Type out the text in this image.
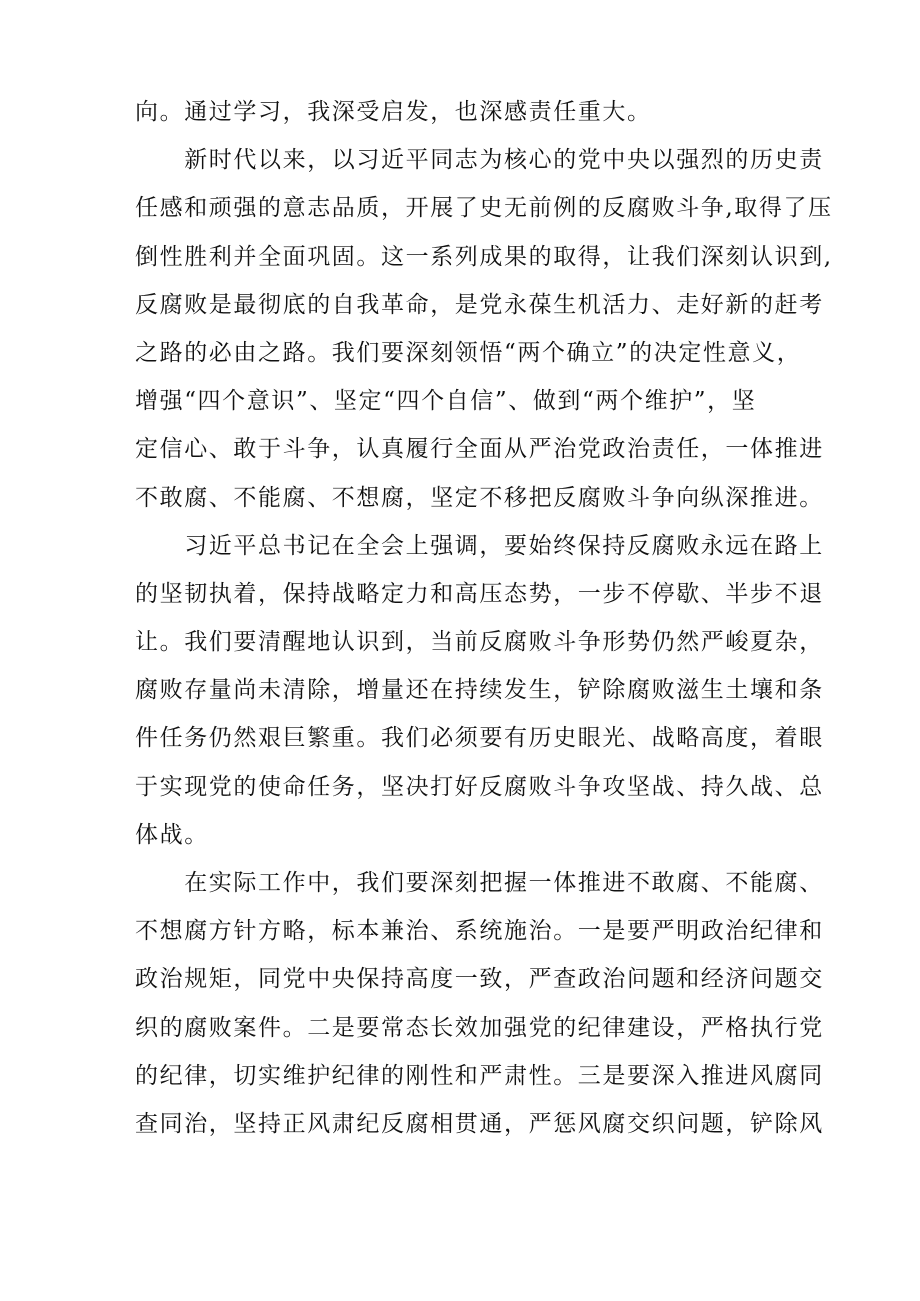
向。通过学习，我深受启发，也深感责任重大。
　　新时代以来，以习近平同志为核心的党中央以强烈的历史责
任感和顽强的意志品质，开展了史无前例的反腐败斗争,取得了压
倒性胜利并全面巩固。这一系列成果的取得，让我们深刻认识到,
反腐败是最彻底的自我革命，是党永葆生机活力、走好新的赶考
之路的必由之路。我们要深刻领悟“两个确立”的决定性意义，
增强“四个意识”、坚定“四个自信”、做到“两个维护”，坚
定信心、敢于斗争，认真履行全面从严治党政治责任，一体推进
不敢腐、不能腐、不想腐，坚定不移把反腐败斗争向纵深推进。
　　习近平总书记在全会上强调，要始终保持反腐败永远在路上
的坚韧执着，保持战略定力和高压态势，一步不停歇、半步不退
让。我们要清醒地认识到，当前反腐败斗争形势仍然严峻夏杂，
腐败存量尚未清除，增量还在持续发生，铲除腐败滋生土壤和条
件任务仍然艰巨繁重。我们必须要有历史眼光、战略高度，着眼
于实现党的使命任务，坚决打好反腐败斗争攻坚战、持久战、总
体战。
　　在实际工作中，我们要深刻把握一体推进不敢腐、不能腐、
不想腐方针方略，标本兼治、系统施治。一是要严明政治纪律和
政治规矩，同党中央保持高度一致，严查政治问题和经济问题交
织的腐败案件。二是要常态长效加强党的纪律建设，严格执行党
的纪律，切实维护纪律的刚性和严肃性。三是要深入推进风腐同
查同治，坚持正风肃纪反腐相贯通，严惩风腐交织问题，铲除风
